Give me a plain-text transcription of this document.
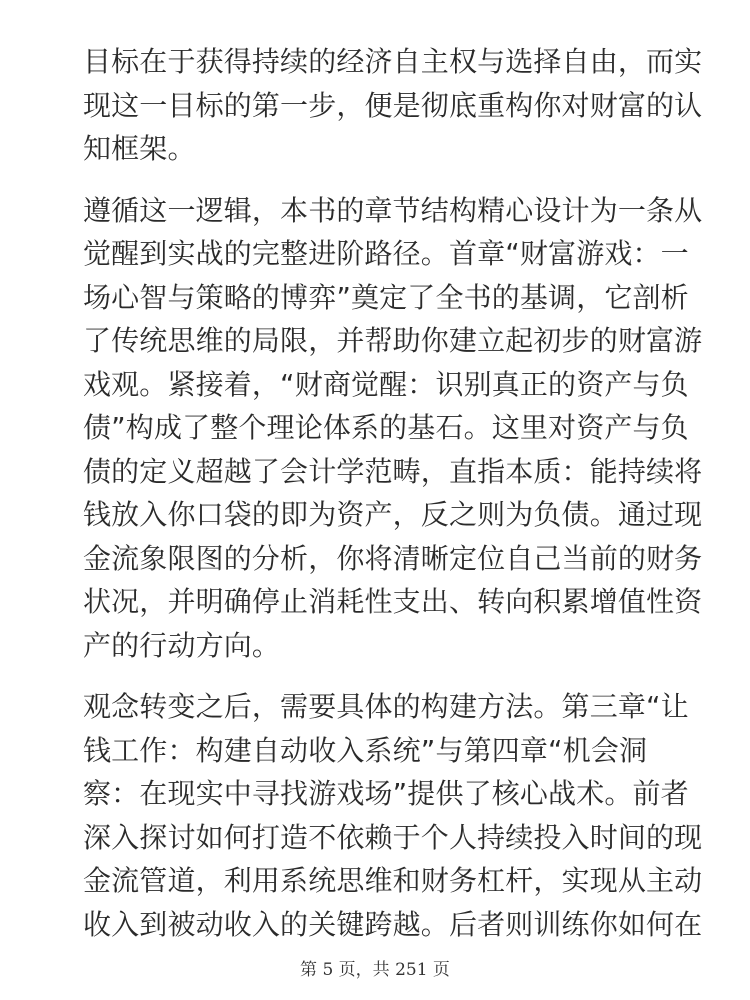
目标在于获得持续的经济自主权与选择自由，而实
现这一目标的第一步，便是彻底重构你对财富的认
知框架。

遵循这一逻辑，本书的章节结构精心设计为一条从
觉醒到实战的完整进阶路径。首章“财富游戏：一
场心智与策略的博弈”奠定了全书的基调，它剖析
了传统思维的局限，并帮助你建立起初步的财富游
戏观。紧接着，“财商觉醒：识别真正的资产与负
债”构成了整个理论体系的基石。这里对资产与负
债的定义超越了会计学范畴，直指本质：能持续将
钱放入你口袋的即为资产，反之则为负债。通过现
金流象限图的分析，你将清晰定位自己当前的财务
状况，并明确停止消耗性支出、转向积累增值性资
产的行动方向。

观念转变之后，需要具体的构建方法。第三章“让
钱工作：构建自动收入系统”与第四章“机会洞
察：在现实中寻找游戏场”提供了核心战术。前者
深入探讨如何打造不依赖于个人持续投入时间的现
金流管道，利用系统思维和财务杠杆，实现从主动
收入到被动收入的关键跨越。后者则训练你如何在

第 5 页，共 251 页
